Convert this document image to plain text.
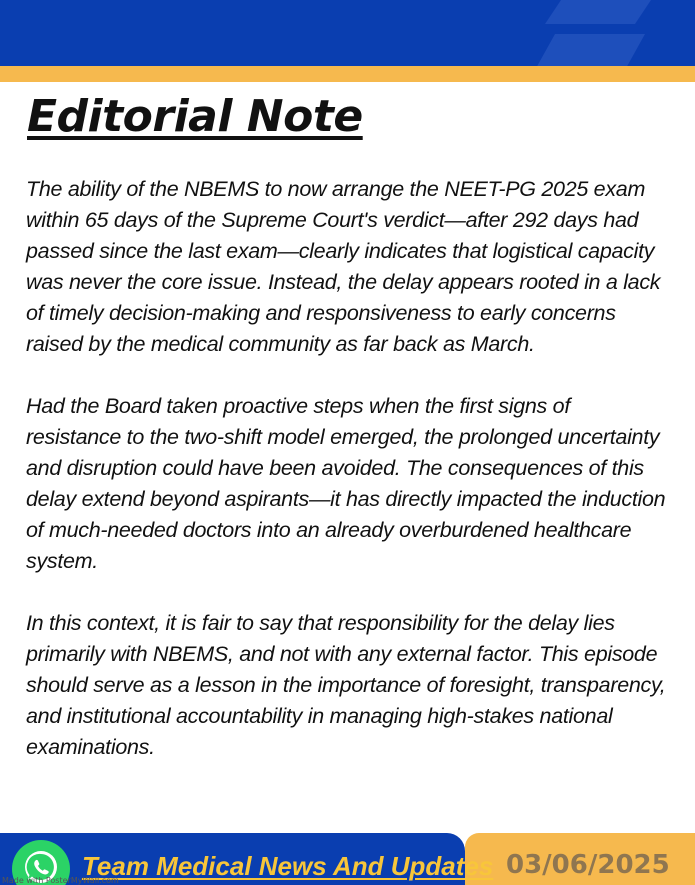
Editorial Note

The ability of the NBEMS to now arrange the NEET-PG 2025 exam within 65 days of the Supreme Court's verdict—after 292 days had passed since the last exam—clearly indicates that logistical capacity was never the core issue. Instead, the delay appears rooted in a lack of timely decision-making and responsiveness to early concerns raised by the medical community as far back as March.

Had the Board taken proactive steps when the first signs of resistance to the two-shift model emerged, the prolonged uncertainty and disruption could have been avoided. The consequences of this delay extend beyond aspirants—it has directly impacted the induction of much-needed doctors into an already overburdened healthcare system.

In this context, it is fair to say that responsibility for the delay lies primarily with NBEMS, and not with any external factor. This episode should serve as a lesson in the importance of foresight, transparency, and institutional accountability in managing high-stakes national examinations.

Team Medical News And Updates 03/06/2025
Made with PosterMyWall.com
